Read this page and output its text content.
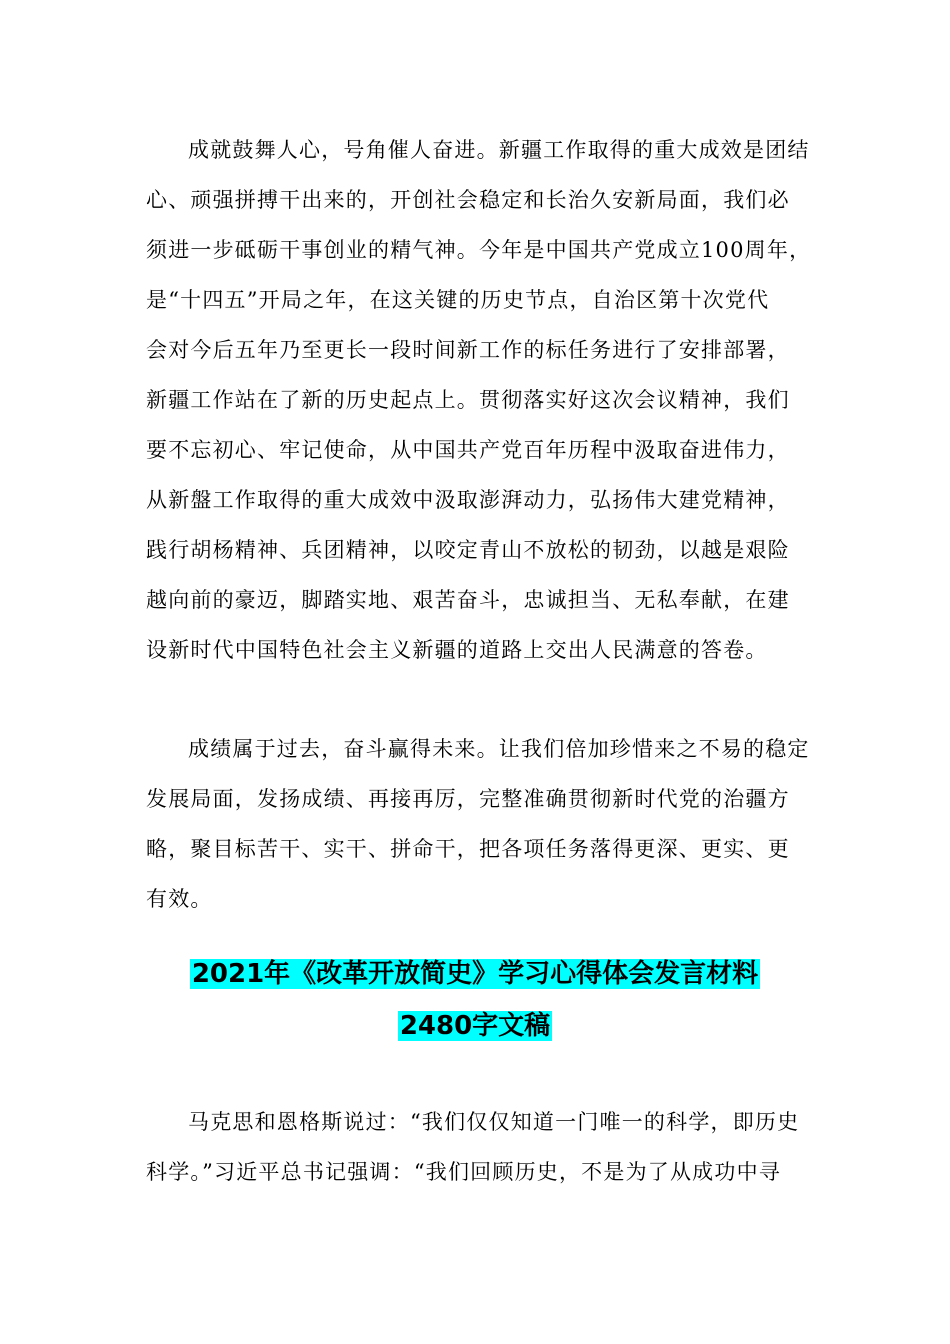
成就鼓舞人心，号角催人奋进。新疆工作取得的重大成效是团结
心、顽强拼搏干出来的，开创社会稳定和长治久安新局面，我们必
须进一步砥砺干事创业的精气神。今年是中国共产党成立100周年，
是“十四五”开局之年，在这关键的历史节点，自治区第十次党代
会对今后五年乃至更长一段时间新工作的标任务进行了安排部署，
新疆工作站在了新的历史起点上。贯彻落实好这次会议精神，我们
要不忘初心、牢记使命，从中国共产党百年历程中汲取奋进伟力，
从新盤工作取得的重大成效中汲取澎湃动力，弘扬伟大建党精神，
践行胡杨精神、兵团精神，以咬定青山不放松的韧劲，以越是艰险
越向前的豪迈，脚踏实地、艰苦奋斗，忠诚担当、无私奉献，在建
设新时代中国特色社会主义新疆的道路上交出人民满意的答卷。
成绩属于过去，奋斗赢得未来。让我们倍加珍惜来之不易的稳定
发展局面，发扬成绩、再接再厉，完整准确贯彻新时代党的治疆方
略，聚目标苦干、实干、拼命干，把各项任务落得更深、更实、更
有效。
2021年《改革开放简史》学习心得体会发言材料
2480字文稿
马克思和恩格斯说过：“我们仅仅知道一门唯一的科学，即历史
科学。”习近平总书记强调：“我们回顾历史，不是为了从成功中寻
